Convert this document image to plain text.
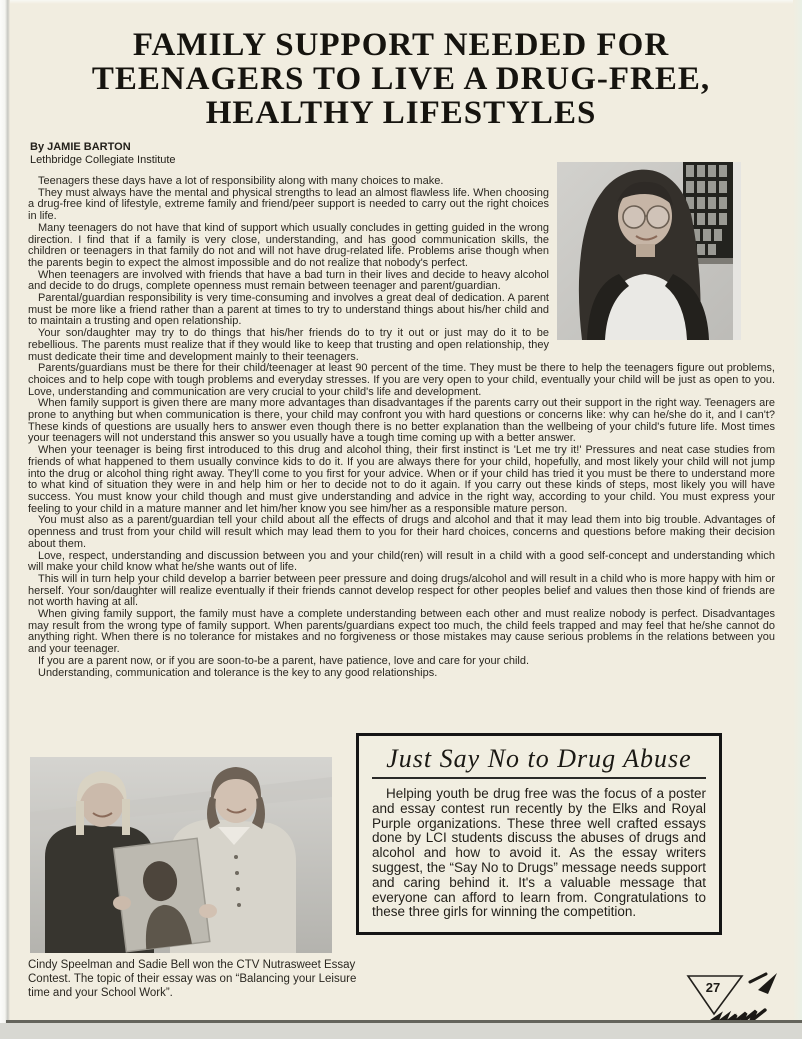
FAMILY SUPPORT NEEDED FOR
TEENAGERS TO LIVE A DRUG-FREE,
HEALTHY LIFESTYLES
By JAMIE BARTON
Lethbridge Collegiate Institute

Teenagers these days have a lot of responsibility along with many choices to make.

They must always have the mental and physical strengths to lead an almost flawless life. When choosing a drug-free kind of lifestyle, extreme family and friend/peer support is needed to carry out the right choices in life.

Many teenagers do not have that kind of support which usually concludes in getting guided in the wrong direction. I find that if a family is very close, understanding, and has good communication skills, the children or teenagers in that family do not and will not have drug-related life. Problems arise though when the parents begin to expect the almost impossible and do not realize that nobody's perfect.

When teenagers are involved with friends that have a bad turn in their lives and decide to heavy alcohol and decide to do drugs, complete openness must remain between teenager and parent/guardian.

Parental/guardian responsibility is very time-consuming and involves a great deal of dedication. A parent must be more like a friend rather than a parent at times to try to understand things about his/her child and to maintain a trusting and open relationship.

Your son/daughter may try to do things that his/her friends do to try it out or just may do it to be rebellious. The parents must realize that if they would like to keep that trusting and open relationship, they must dedicate their time and development mainly to their teenagers.

Parents/guardians must be there for their child/teenager at least 90 percent of the time. They must be there to help the teenagers figure out problems, choices and to help cope with tough problems and everyday stresses. If you are very open to your child, eventually your child will be just as open to you. Love, understanding and communication are very crucial to your child's life and development.

When family support is given there are many more advantages than disadvantages if the parents carry out their support in the right way. Teenagers are prone to anything but when communication is there, your child may confront you with hard questions or concerns like: why can he/she do it, and I can't? These kinds of questions are usually hers to answer even though there is no better explanation than the wellbeing of your child's future life. Most times your teenagers will not understand this answer so you usually have a tough time coming up with a better answer.

When your teenager is being first introduced to this drug and alcohol thing, their first instinct is 'Let me try it!' Pressures and neat case studies from friends of what happened to them usually convince kids to do it. If you are always there for your child, hopefully, and most likely your child will not jump into the drug or alcohol thing right away. They'll come to you first for your advice. When or if your child has tried it you must be there to understand more to what kind of situation they were in and help him or her to decide not to do it again. If you carry out these kinds of steps, most likely you will have success. You must know your child though and must give understanding and advice in the right way, according to your child. You must express your feeling to your child in a mature manner and let him/her know you see him/her as a responsible mature person.

You must also as a parent/guardian tell your child about all the effects of drugs and alcohol and that it may lead them into big trouble. Advantages of openness and trust from your child will result which may lead them to you for their hard choices, concerns and questions before making their decision about them.

Love, respect, understanding and discussion between you and your child(ren) will result in a child with a good self-concept and understanding which will make your child know what he/she wants out of life.

This will in turn help your child develop a barrier between peer pressure and doing drugs/alcohol and will result in a child who is more happy with him or herself. Your son/daughter will realize eventually if their friends cannot develop respect for other peoples belief and values then those kind of friends are not worth having at all.

When giving family support, the family must have a complete understanding between each other and must realize nobody is perfect. Disadvantages may result from the wrong type of family support. When parents/guardians expect too much, the child feels trapped and may feel that he/she cannot do anything right. When there is no tolerance for mistakes and no forgiveness or those mistakes may cause serious problems in the relations between you and your teenager.

If you are a parent now, or if you are soon-to-be a parent, have patience, love and care for your child.

Understanding, communication and tolerance is the key to any good relationships.

Cindy Speelman and Sadie Bell won the CTV Nutrasweet Essay Contest. The topic of their essay was on “Balancing your Leisure time and your School Work”.
Just Say No to Drug Abuse
Helping youth be drug free was the focus of a poster and essay contest run recently by the Elks and Royal Purple organizations. These three well crafted essays done by LCI students discuss the abuses of drugs and alcohol and how to avoid it. As the essay writers suggest, the “Say No to Drugs” message needs support and caring behind it. It's a valuable message that everyone can afford to learn from. Congratulations to these three girls for winning the competition.
27
